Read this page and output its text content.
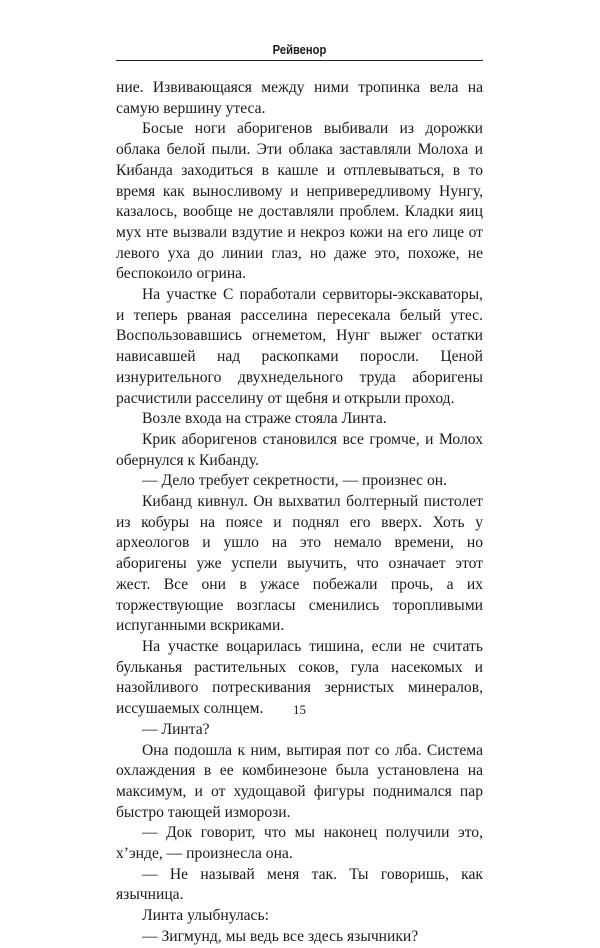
Рейвенор

ние. Извивающаяся между ними тропинка вела на самую вершину утеса.

Босые ноги аборигенов выбивали из дорожки облака белой пыли. Эти облака заставляли Молоха и Кибанда заходиться в кашле и отплевываться, в то время как выносливому и непривередливому Нунгу, казалось, вообще не доставляли проблем. Кладки яиц мух нте вызвали вздутие и некроз кожи на его лице от левого уха до линии глаз, но даже это, похоже, не беспокоило огрина.

На участке С поработали сервиторы-экскаваторы, и теперь рваная расселина пересекала белый утес. Воспользовавшись огнеметом, Нунг выжег остатки нависавшей над раскопками поросли. Ценой изнурительного двухнедельного труда аборигены расчистили расселину от щебня и открыли проход.

Возле входа на страже стояла Линта.

Крик аборигенов становился все громче, и Молох обернулся к Кибанду.

— Дело требует секретности, — произнес он.

Кибанд кивнул. Он выхватил болтерный пистолет из кобуры на поясе и поднял его вверх. Хоть у археологов и ушло на это немало времени, но аборигены уже успели выучить, что означает этот жест. Все они в ужасе побежали прочь, а их торжествующие возгласы сменились торопливыми испуганными вскриками.

На участке воцарилась тишина, если не считать бульканья растительных соков, гула насекомых и назойливого потрескивания зернистых минералов, иссушаемых солнцем.

— Линта?

Она подошла к ним, вытирая пот со лба. Система охлаждения в ее комбинезоне была установлена на максимум, и от худощавой фигуры поднимался пар быстро тающей изморози.

— Док говорит, что мы наконец получили это, х’энде, — произнесла она.

— Не называй меня так. Ты говоришь, как язычница.

Линта улыбнулась:

— Зигмунд, мы ведь все здесь язычники?

15
